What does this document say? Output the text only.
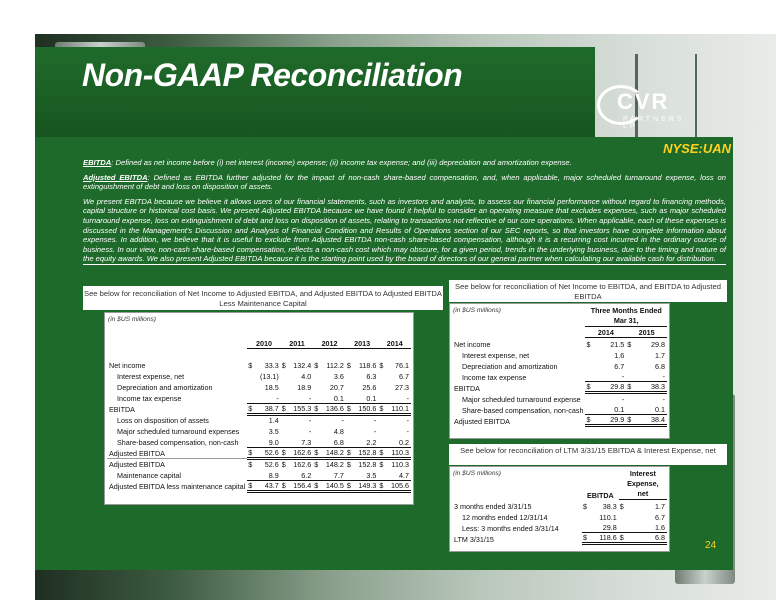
Non-GAAP Reconciliation
CVR
PARTNERS LP
NYSE:UAN

EBITDA: Defined as net income before (i) net interest (income) expense; (ii) income tax expense; and (iii) depreciation and amortization expense.

Adjusted EBITDA: Defined as EBITDA further adjusted for the impact of non-cash share-based compensation, and, when applicable, major scheduled turnaround expense, loss on extinguishment of debt and loss on disposition of assets.

We present EBITDA because we believe it allows users of our financial statements, such as investors and analysts, to assess our financial performance without regard to financing methods, capital structure or historical cost basis. We present Adjusted EBITDA because we have found it helpful to consider an operating measure that excludes expenses, such as major scheduled turnaround expense, loss on extinguishment of debt and loss on disposition of assets, relating to transactions not reflective of our core operations. When applicable, each of these expenses is discussed in the Management's Discussion and Analysis of Financial Condition and Results of Operations section of our SEC reports, so that investors have complete information about expenses. In addition, we believe that it is useful to exclude from Adjusted EBITDA non-cash share-based compensation, although it is a recurring cost incurred in the ordinary course of business. In our view, non-cash share-based compensation, reflects a non-cash cost which may obscure, for a given period, trends in the underlying business, due to the timing and nature of the equity awards. We also present Adjusted EBITDA because it is the starting point used by the board of directors of our general partner when calculating our available cash for distribution.

See below for reconciliation of Net Income to Adjusted EBITDA, and Adjusted EBITDA to Adjusted EBITDA Less Maintenance Capital
See below for reconciliation of Net Income to EBITDA, and EBITDA to Adjusted EBITDA
See below for reconciliation of LTM 3/31/15 EBITDA & Interest Expense, net
(in $US millions)
	2010		2011		2012		2013		2014	

Net income	$	33.3	$	132.4	$	112.2	$	118.6	$	76.1
Interest expense, net		(13.1)		4.0		3.6		6.3		6.7
Depreciation and amortization		18.5		18.9		20.7		25.6		27.3
Income tax expense		-		-		0.1		0.1		-
EBITDA	$	38.7	$	155.3	$	136.6	$	150.6	$	110.1
Loss on disposition of assets		1.4		-		-		-		-
Major scheduled turnaround expenses		3.5		-		4.8		-		-
Share-based compensation, non-cash		9.0		7.3		6.8		2.2		0.2
Adjusted EBITDA	$	52.6	$	162.6	$	148.2	$	152.8	$	110.3
Adjusted EBITDA	$	52.6	$	162.6	$	148.2	$	152.8	$	110.3
Maintenance capital		8.9		6.2		7.7		3.5		4.7
Adjusted EBITDA less maintenance capital	$	43.7	$	156.4	$	140.5	$	149.3	$	105.6
(in $US millions)
		Three Months Ended Mar 31,			
	2014		2015	
Net income	$	21.5	$	29.8
Interest expense, net		1.6		1.7
Depreciation and amortization		6.7		6.8
Income tax expense		-		-
EBITDA	$	29.8	$	38.3
Major scheduled turnaround expense		-		-
Share-based compensation, non-cash		0.1		0.1
Adjusted EBITDA	$	29.9	$	38.4
(in $US millions)
	EBITDA		Interest Expense, net	
3 months ended 3/31/15	$	38.3	$	1.7
12 months ended 12/31/14		110.1		6.7
Less: 3 months ended 3/31/14		29.8		1.6
LTM 3/31/15	$	118.6	$	6.8
24
